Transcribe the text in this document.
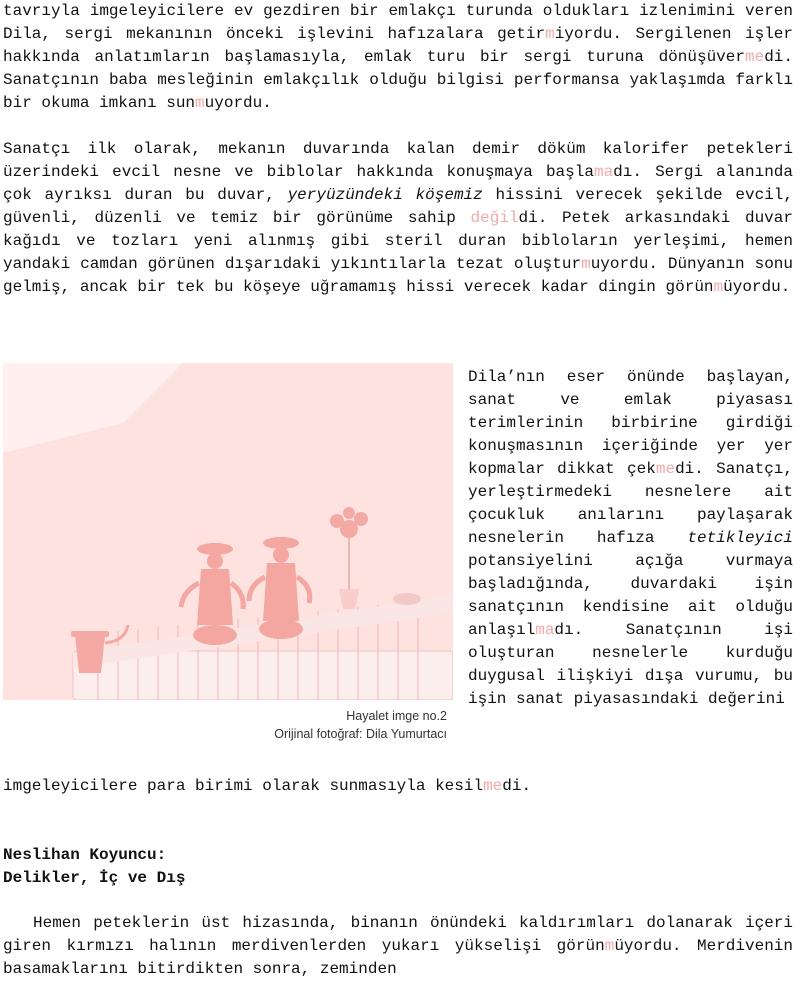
tavrıyla imgeleyicilere ev gezdiren bir emlakçı turunda oldukları izlenimini veren Dila, sergi mekanının önceki işlevini hafızalara getirmiyordu. Sergilenen işler hakkında anlatımların başlamasıyla, emlak turu bir sergi turuna dönüşüvermedi. Sanatçının baba mesleğinin emlakçılık olduğu bilgisi performansa yaklaşımda farklı bir okuma imkanı sunmuyordu.

Sanatçı ilk olarak, mekanın duvarında kalan demir döküm kalorifer petekleri üzerindeki evcil nesne ve biblolar hakkında konuşmaya başlamadı. Sergi alanında çok ayrıksı duran bu duvar, yeryüzündeki köşemiz hissini verecek şekilde evcil, güvenli, düzenli ve temiz bir görünüme sahip değildi. Petek arkasındaki duvar kağıdı ve tozları yeni alınmış gibi steril duran bibloların yerleşimi, hemen yandaki camdan görünen dışarıdaki yıkıntılarla tezat oluşturmuyordu. Dünyanın sonu gelmiş, ancak bir tek bu köşeye uğramamış hissi verecek kadar dingin görünmüyordu.

Hayalet imge no.2
Orijinal fotoğraf: Dila Yumurtacı

Dila’nın eser önünde başlayan, sanat ve emlak piyasası terimlerinin birbirine girdiği konuşmasının içeriğinde yer yer kopmalar dikkat çekmedi. Sanatçı, yerleştirmedeki nesnelere ait çocukluk anılarını paylaşarak nesnelerin hafıza tetikleyici potansiyelini açığa vurmaya başladığında, duvardaki işin sanatçının kendisine ait olduğu anlaşılmadı. Sanatçının işi oluşturan nesnelerle kurduğu duygusal ilişkiyi dışa vurumu, bu işin sanat piyasasındaki değerini

imgeleyicilere para birimi olarak sunmasıyla kesilmedi.

Neslihan Koyuncu:
Delikler, İç ve Dış

Hemen peteklerin üst hizasında, binanın önündeki kaldırımları dolanarak içeri giren kırmızı halının merdivenlerden yukarı yükselişi görünmüyordu. Merdivenin basamaklarını bitirdikten sonra, zeminden
